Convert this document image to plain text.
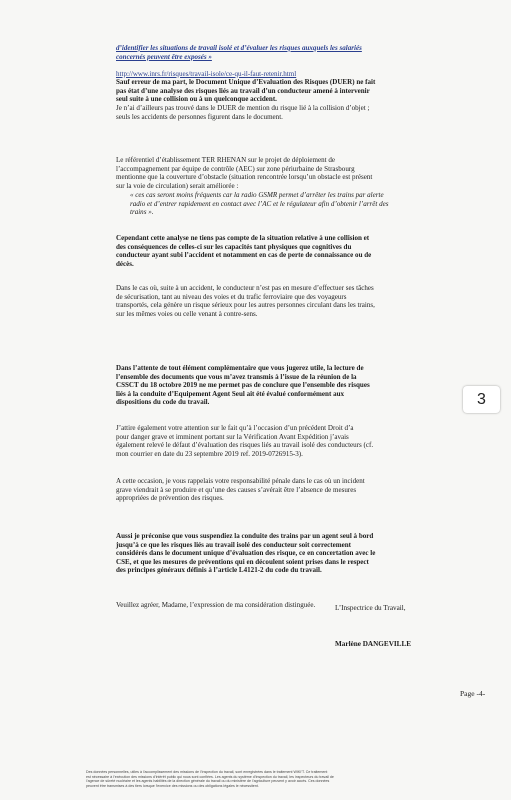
d’identifier les situations de travail isolé et d’évaluer les risques auxquels les salariés
concernés peuvent être exposés »

http://www.inrs.fr/risques/travail-isole/ce-qu-il-faut-retenir.html

Sauf erreur de ma part, le Document Unique d’Evaluation des Risques (DUER) ne fait
pas état d’une analyse des risques liés au travail d’un conducteur amené à intervenir
seul suite à une collision ou à un quelconque accident.

Je n’ai d’ailleurs pas trouvé dans le DUER de mention du risque lié à la collision d’objet ;
seuls les accidents de personnes figurent dans le document.

Le référentiel d’établissement TER RHENAN sur le projet de déploiement de
l’accompagnement par équipe de contrôle (AEC) sur zone périurbaine de Strasbourg
mentionne que la couverture d’obstacle (situation rencontrée lorsqu’un obstacle est présent
sur la voie de circulation) serait améliorée :

« ces cas seront moins fréquents car la radio GSMR permet d’arrêter les trains par alerte
radio et d’entrer rapidement en contact avec l’AC et le régulateur afin d’obtenir l’arrêt des
trains ».

Cependant cette analyse ne tiens pas compte de la situation relative à une collision et
des conséquences de celles-ci sur les capacités tant physiques que cognitives du
conducteur ayant subi l’accident et notamment en cas de perte de connaissance ou de
décès.

Dans le cas où, suite à un accident, le conducteur n’est pas en mesure d’effectuer ses tâches
de sécurisation, tant au niveau des voies et du trafic ferroviaire que des voyageurs
transportés, cela génère un risque sérieux pour les autres personnes circulant dans les trains,
sur les mêmes voies ou celle venant à contre-sens.

Dans l’attente de tout élément complémentaire que vous jugerez utile, la lecture de
l’ensemble des documents que vous m’avez transmis à l’issue de la réunion de la
CSSCT du 18 octobre 2019 ne me permet pas de conclure que l’ensemble des risques
liés à la conduite d’Equipement Agent Seul ait été évalué conformément aux
dispositions du code du travail.

J’attire également votre attention sur le fait qu’à l’occasion d’un précédent Droit d’a
pour danger grave et imminent portant sur la Vérification Avant Expédition j’avais
également relevé le défaut d’évaluation des risques liés au travail isolé des conducteurs (cf.
mon courrier en date du 23 septembre 2019 ref. 2019-0726915-3).

A cette occasion, je vous rappelais votre responsabilité pénale dans le cas où un incident
grave viendrait à se produire et qu’une des causes s’avérait être l’absence de mesures
appropriées de prévention des risques.

Aussi je préconise que vous suspendiez la conduite des trains par un agent seul à bord
jusqu’à ce que les risques liés au travail isolé des conducteur soit correctement
considérés dans le document unique d’évaluation des risque, ce en concertation avec le
CSE, et que les mesures de préventions qui en découlent soient prises dans le respect
des principes généraux définis à l’article L4121-2 du code du travail.

Veuillez agréer, Madame, l’expression de ma considération distinguée.

3
L’Inspectrice du Travail,
Marlène DANGEVILLE
Page -4-
Des données personnelles, utiles à l’accomplissement des missions de l’inspection du travail, sont enregistrées dans le traitement WIKI'T. Ce traitement
est nécessaire à l’exécution des missions d’intérêt public qui nous sont confiées. Les agents du système d’inspection du travail, les inspecteurs du travail de
l’agence de sûreté nucléaire et les agents habilités de la direction générale du travail ou du ministère de l’agriculture peuvent y avoir accès. Ces données
peuvent être transmises à des tiers lorsque l’exercice des missions ou des obligations légales le nécessitent.
